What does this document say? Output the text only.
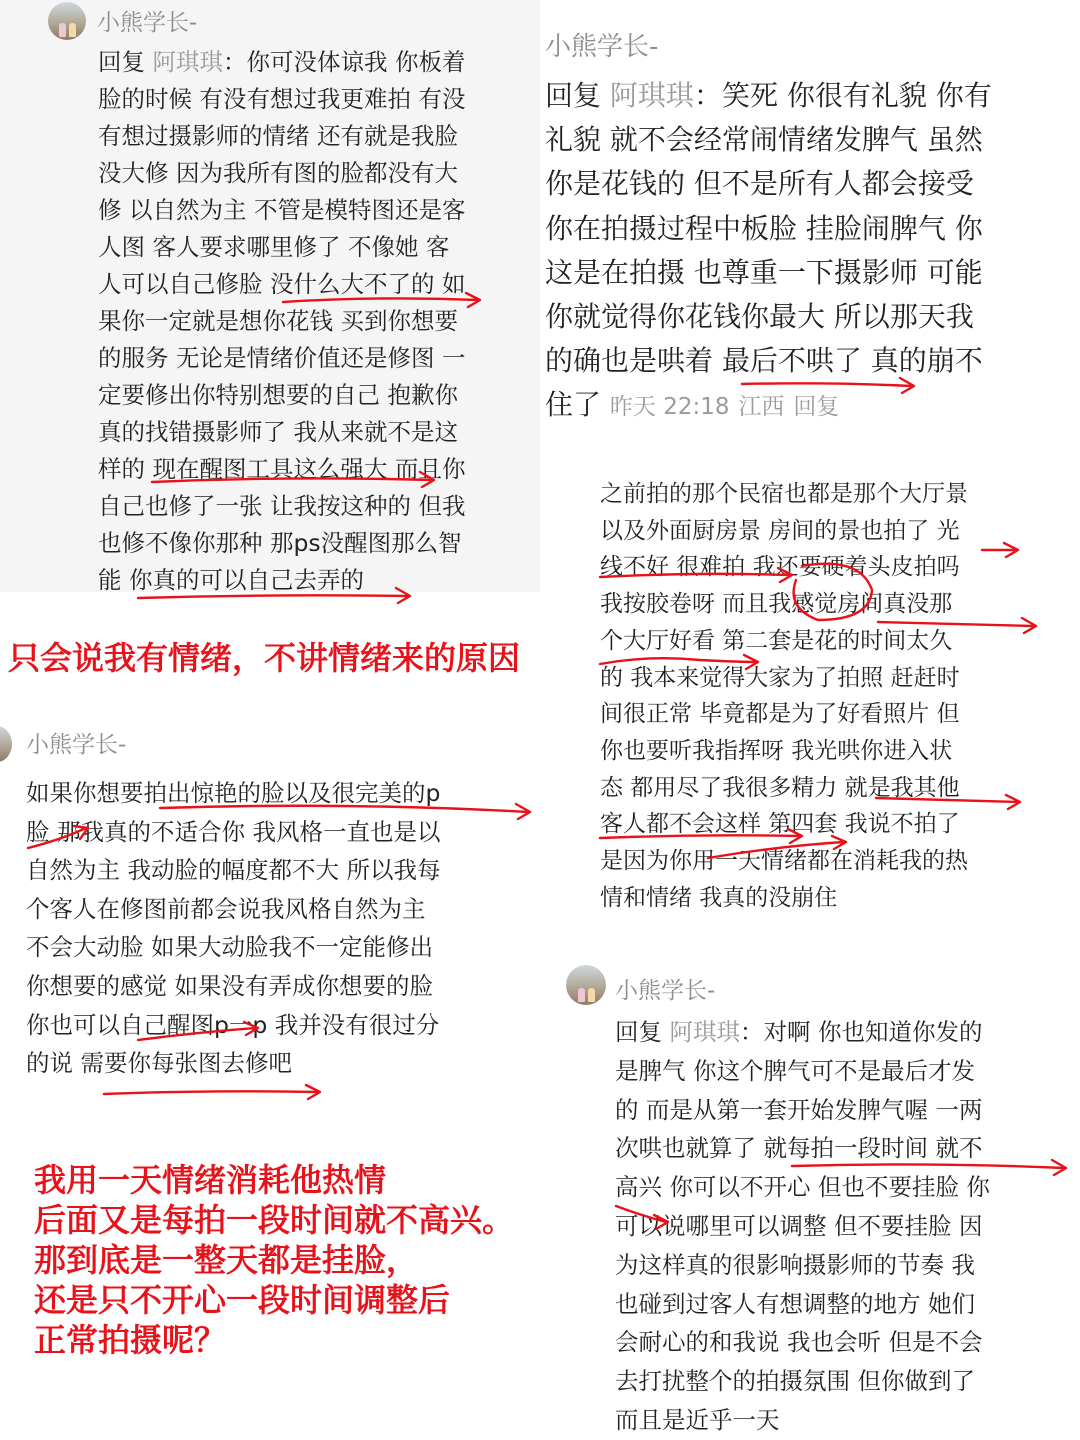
小熊学长-
回复 阿琪琪：你可没体谅我 你板着
脸的时候 有没有想过我更难拍 有没
有想过摄影师的情绪 还有就是我脸
没大修 因为我所有图的脸都没有大
修 以自然为主 不管是模特图还是客
人图 客人要求哪里修了 不像她 客
人可以自己修脸 没什么大不了的 如
果你一定就是想你花钱 买到你想要
的服务 无论是情绪价值还是修图 一
定要修出你特别想要的自己 抱歉你
真的找错摄影师了 我从来就不是这
样的 现在醒图工具这么强大 而且你
自己也修了一张 让我按这种的 但我
也修不像你那种 那ps没醒图那么智
能 你真的可以自己去弄的
小熊学长-
回复 阿琪琪：笑死 你很有礼貌 你有
礼貌 就不会经常闹情绪发脾气 虽然
你是花钱的 但不是所有人都会接受
你在拍摄过程中板脸 挂脸闹脾气 你
这是在拍摄 也尊重一下摄影师 可能
你就觉得你花钱你最大 所以那天我
的确也是哄着 最后不哄了 真的崩不
住了 昨天 22:18 江西 回复
之前拍的那个民宿也都是那个大厅景
以及外面厨房景 房间的景也拍了 光
线不好 很难拍 我还要硬着头皮拍吗
我按胶卷呀 而且我感觉房间真没那
个大厅好看 第二套是花的时间太久
的 我本来觉得大家为了拍照 赶赶时
间很正常 毕竟都是为了好看照片 但
你也要听我指挥呀 我光哄你进入状
态 都用尽了我很多精力 就是我其他
客人都不会这样 第四套 我说不拍了
是因为你用一天情绪都在消耗我的热
情和情绪 我真的没崩住
小熊学长-
如果你想要拍出惊艳的脸以及很完美的p
脸 那我真的不适合你 我风格一直也是以
自然为主 我动脸的幅度都不大 所以我每
个客人在修图前都会说我风格自然为主
不会大动脸 如果大动脸我不一定能修出
你想要的感觉 如果没有弄成你想要的脸
你也可以自己醒图p一p 我并没有很过分
的说 需要你每张图去修吧
小熊学长-
回复 阿琪琪：对啊 你也知道你发的
是脾气 你这个脾气可不是最后才发
的 而是从第一套开始发脾气喔 一两
次哄也就算了 就每拍一段时间 就不
高兴 你可以不开心 但也不要挂脸 你
可以说哪里可以调整 但不要挂脸 因
为这样真的很影响摄影师的节奏 我
也碰到过客人有想调整的地方 她们
会耐心的和我说 我也会听 但是不会
去打扰整个的拍摄氛围 但你做到了
而且是近乎一天
只会说我有情绪，不讲情绪来的原因
我用一天情绪消耗他热情
后面又是每拍一段时间就不高兴。
那到底是一整天都是挂脸，
还是只不开心一段时间调整后
正常拍摄呢？
